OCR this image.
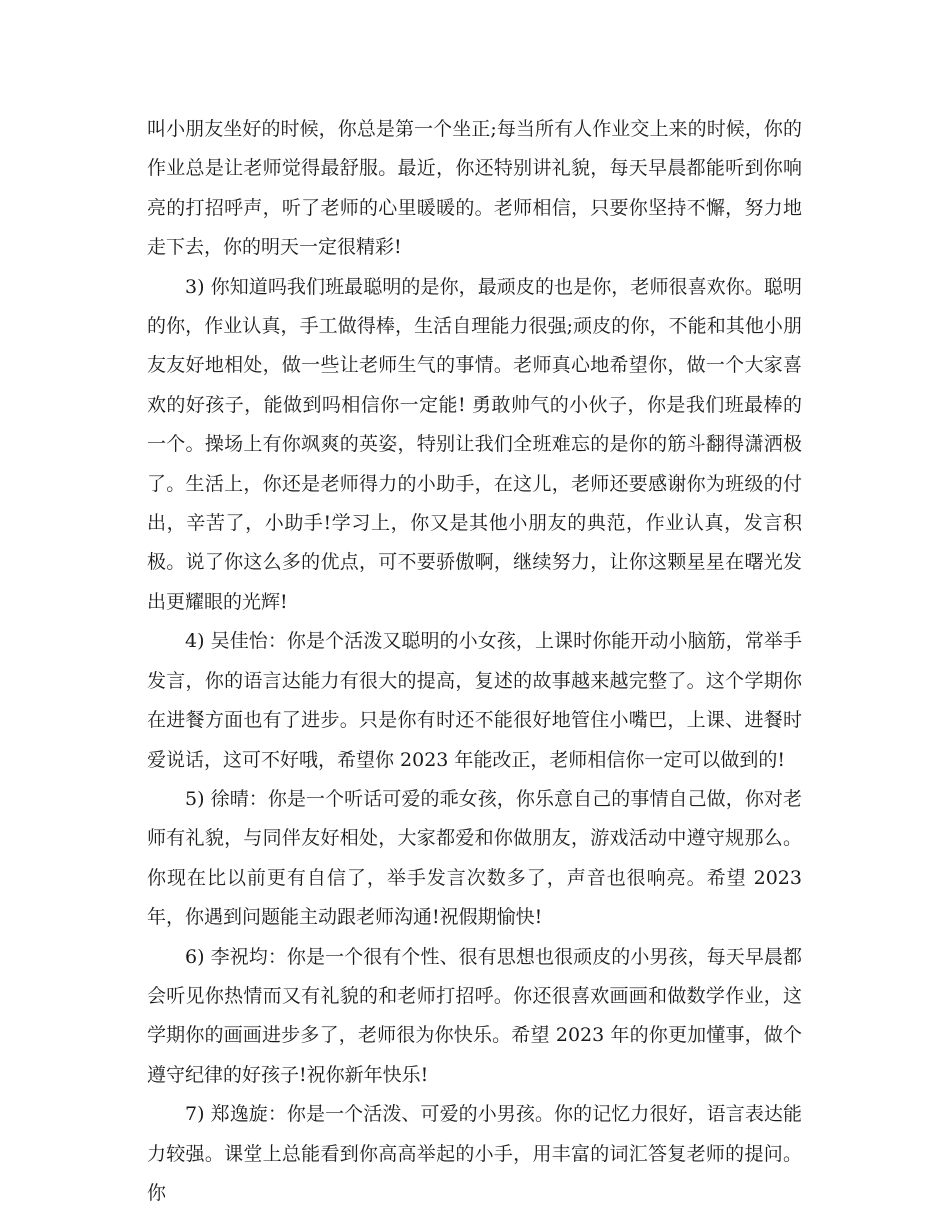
叫小朋友坐好的时候，你总是第一个坐正;每当所有人作业交上来的时候，你的作业总是让老师觉得最舒服。最近，你还特别讲礼貌，每天早晨都能听到你响亮的打招呼声，听了老师的心里暖暖的。老师相信，只要你坚持不懈，努力地走下去，你的明天一定很精彩!

3) 你知道吗我们班最聪明的是你，最顽皮的也是你，老师很喜欢你。聪明的你，作业认真，手工做得棒，生活自理能力很强;顽皮的你，不能和其他小朋友友好地相处，做一些让老师生气的事情。老师真心地希望你，做一个大家喜欢的好孩子，能做到吗相信你一定能! 勇敢帅气的小伙子，你是我们班最棒的一个。操场上有你飒爽的英姿，特别让我们全班难忘的是你的筋斗翻得潇洒极了。生活上，你还是老师得力的小助手，在这儿，老师还要感谢你为班级的付出，辛苦了，小助手!学习上，你又是其他小朋友的典范，作业认真，发言积极。说了你这么多的优点，可不要骄傲啊，继续努力，让你这颗星星在曙光发出更耀眼的光辉!

4) 吴佳怡：你是个活泼又聪明的小女孩，上课时你能开动小脑筋，常举手发言，你的语言达能力有很大的提高，复述的故事越来越完整了。这个学期你在进餐方面也有了进步。只是你有时还不能很好地管住小嘴巴，上课、进餐时爱说话，这可不好哦，希望你 2023 年能改正，老师相信你一定可以做到的!

5) 徐晴：你是一个听话可爱的乖女孩，你乐意自己的事情自己做，你对老师有礼貌，与同伴友好相处，大家都爱和你做朋友，游戏活动中遵守规那么。你现在比以前更有自信了，举手发言次数多了，声音也很响亮。希望 2023 年，你遇到问题能主动跟老师沟通!祝假期愉快!

6) 李祝均：你是一个很有个性、很有思想也很顽皮的小男孩，每天早晨都会听见你热情而又有礼貌的和老师打招呼。你还很喜欢画画和做数学作业，这学期你的画画进步多了，老师很为你快乐。希望 2023 年的你更加懂事，做个遵守纪律的好孩子!祝你新年快乐!

7) 郑逸旋：你是一个活泼、可爱的小男孩。你的记忆力很好，语言表达能力较强。课堂上总能看到你高高举起的小手，用丰富的词汇答复老师的提问。你
